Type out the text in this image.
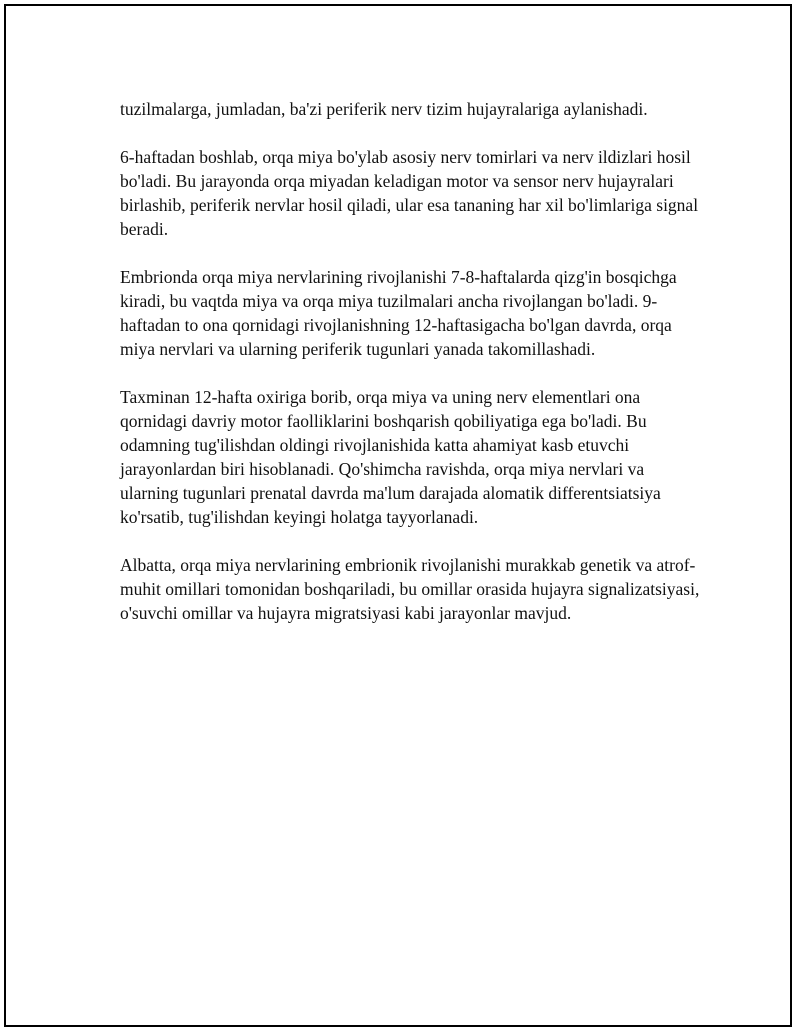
tuzilmalarga, jumladan, ba'zi periferik nerv tizim hujayralariga aylanishadi.

6-haftadan boshlab, orqa miya bo'ylab asosiy nerv tomirlari va nerv ildizlari hosil bo'ladi. Bu jarayonda orqa miyadan keladigan motor va sensor nerv hujayralari birlashib, periferik nervlar hosil qiladi, ular esa tananing har xil bo'limlariga signal beradi.

Embrionda orqa miya nervlarining rivojlanishi 7-8-haftalarda qizg'in bosqichga kiradi, bu vaqtda miya va orqa miya tuzilmalari ancha rivojlangan bo'ladi. 9-haftadan to ona qornidagi rivojlanishning 12-haftasigacha bo'lgan davrda, orqa miya nervlari va ularning periferik tugunlari yanada takomillashadi.

Taxminan 12-hafta oxiriga borib, orqa miya va uning nerv elementlari ona qornidagi davriy motor faolliklarini boshqarish qobiliyatiga ega bo'ladi. Bu odamning tug'ilishdan oldingi rivojlanishida katta ahamiyat kasb etuvchi jarayonlardan biri hisoblanadi. Qo'shimcha ravishda, orqa miya nervlari va ularning tugunlari prenatal davrda ma'lum darajada alomatik differentsiatsiya ko'rsatib, tug'ilishdan keyingi holatga tayyorlanadi.

Albatta, orqa miya nervlarining embrionik rivojlanishi murakkab genetik va atrof-muhit omillari tomonidan boshqariladi, bu omillar orasida hujayra signalizatsiyasi, o'suvchi omillar va hujayra migratsiyasi kabi jarayonlar mavjud.
